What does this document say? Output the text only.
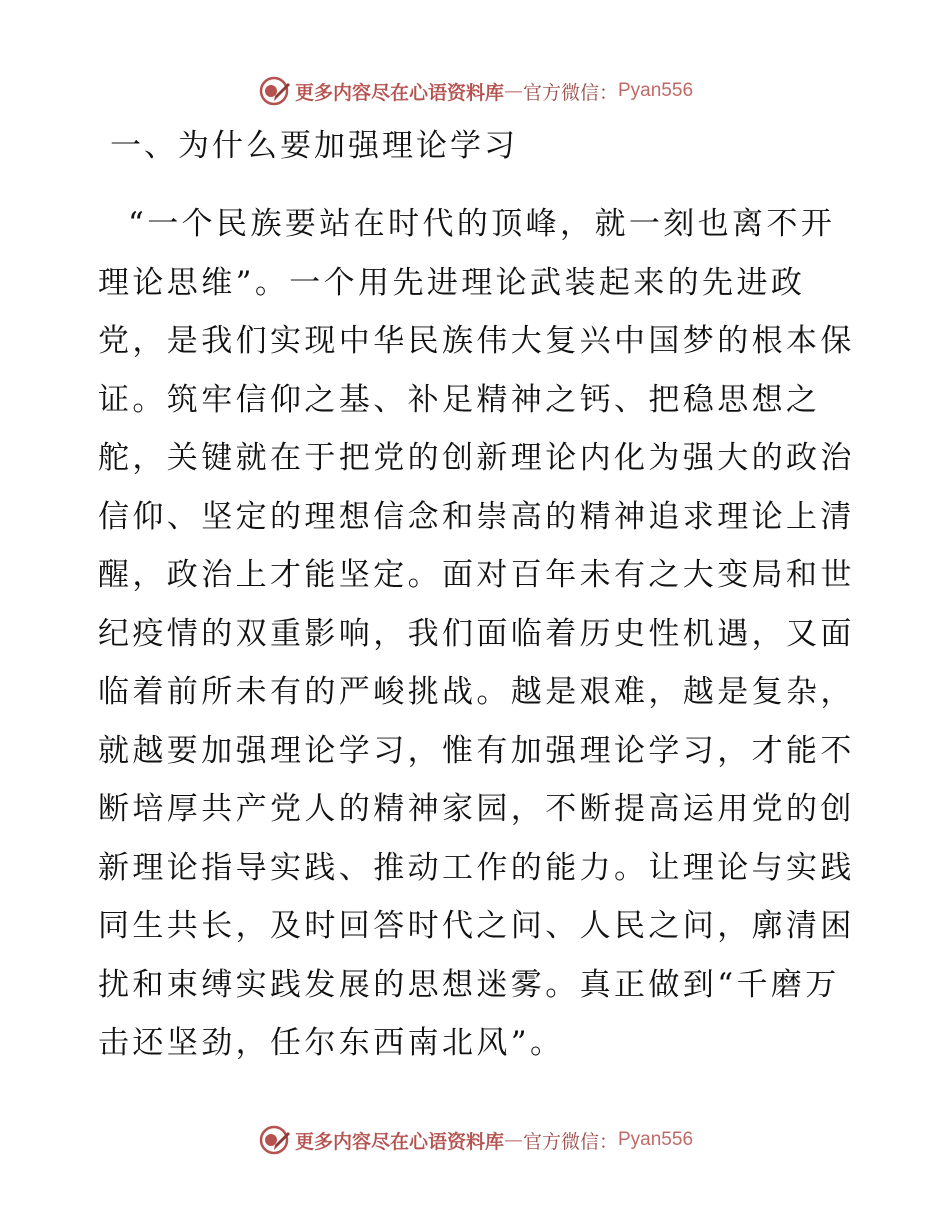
更多内容尽在心语资料库 — 官方微信： Pyan556
一、为什么要加强理论学习
“一个民族要站在时代的顶峰，就一刻也离不开
理论思维”。一个用先进理论武装起来的先进政
党，是我们实现中华民族伟大复兴中国梦的根本保
证。筑牢信仰之基、补足精神之钙、把稳思想之
舵，关键就在于把党的创新理论内化为强大的政治
信仰、坚定的理想信念和崇高的精神追求理论上清
醒，政治上才能坚定。面对百年未有之大变局和世
纪疫情的双重影响，我们面临着历史性机遇，又面
临着前所未有的严峻挑战。越是艰难，越是复杂，
就越要加强理论学习，惟有加强理论学习，才能不
断培厚共产党人的精神家园，不断提高运用党的创
新理论指导实践、推动工作的能力。让理论与实践
同生共长，及时回答时代之问、人民之问，廓清困
扰和束缚实践发展的思想迷雾。真正做到“千磨万
击还坚劲，任尔东西南北风”。
更多内容尽在心语资料库 — 官方微信： Pyan556
